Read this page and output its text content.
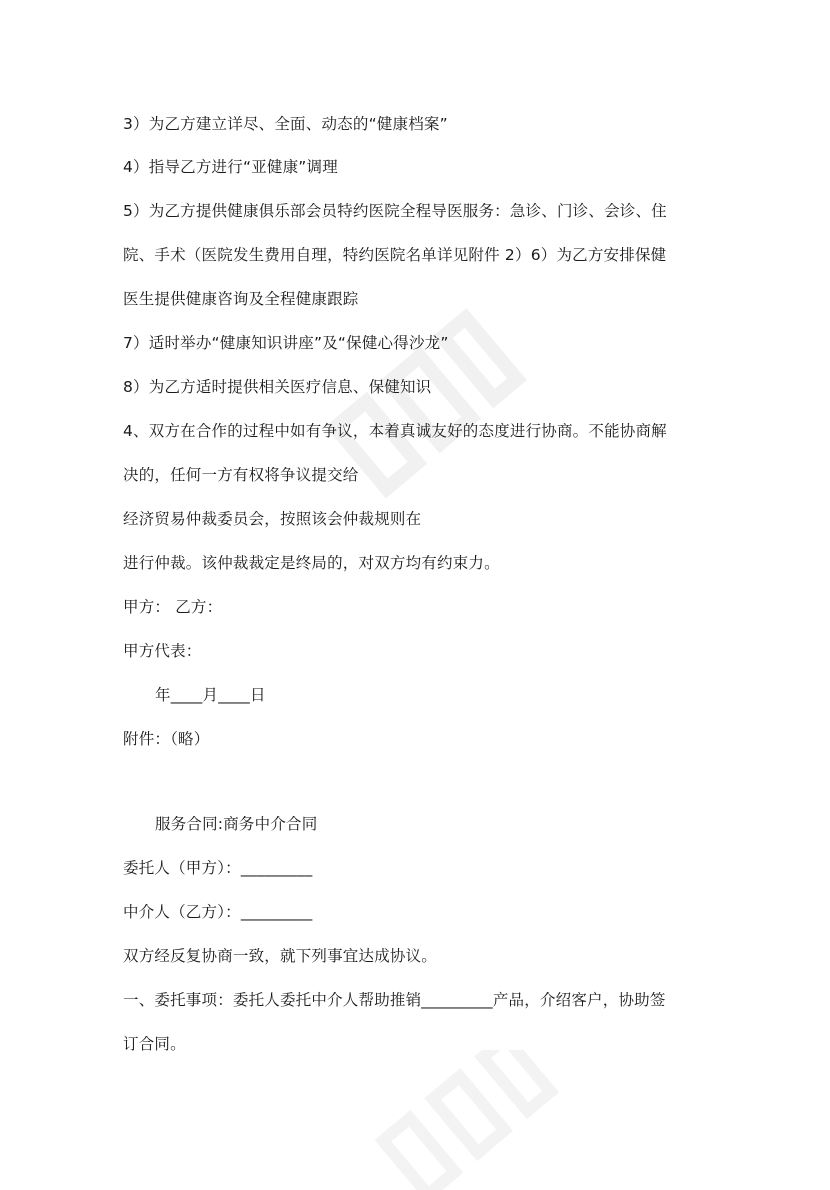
3）为乙方建立详尽、全面、动态的“健康档案”
4）指导乙方进行“亚健康”调理
5）为乙方提供健康俱乐部会员特约医院全程导医服务：急诊、门诊、会诊、住
院、手术（医院发生费用自理，特约医院名单详见附件 2）6）为乙方安排保健
医生提供健康咨询及全程健康跟踪
7）适时举办“健康知识讲座”及“保健心得沙龙”
8）为乙方适时提供相关医疗信息、保健知识
4、双方在合作的过程中如有争议，本着真诚友好的态度进行协商。不能协商解
决的，任何一方有权将争议提交给
经济贸易仲裁委员会，按照该会仲裁规则在
进行仲裁。该仲裁裁定是终局的，对双方均有约束力。
甲方： 乙方：
甲方代表：
年____月____日
附件：（略）
服务合同:商务中介合同
委托人（甲方）：_________
中介人（乙方）：_________
双方经反复协商一致，就下列事宜达成协议。
一、委托事项：委托人委托中介人帮助推销_________产品，介绍客户，协助签
订合同。
